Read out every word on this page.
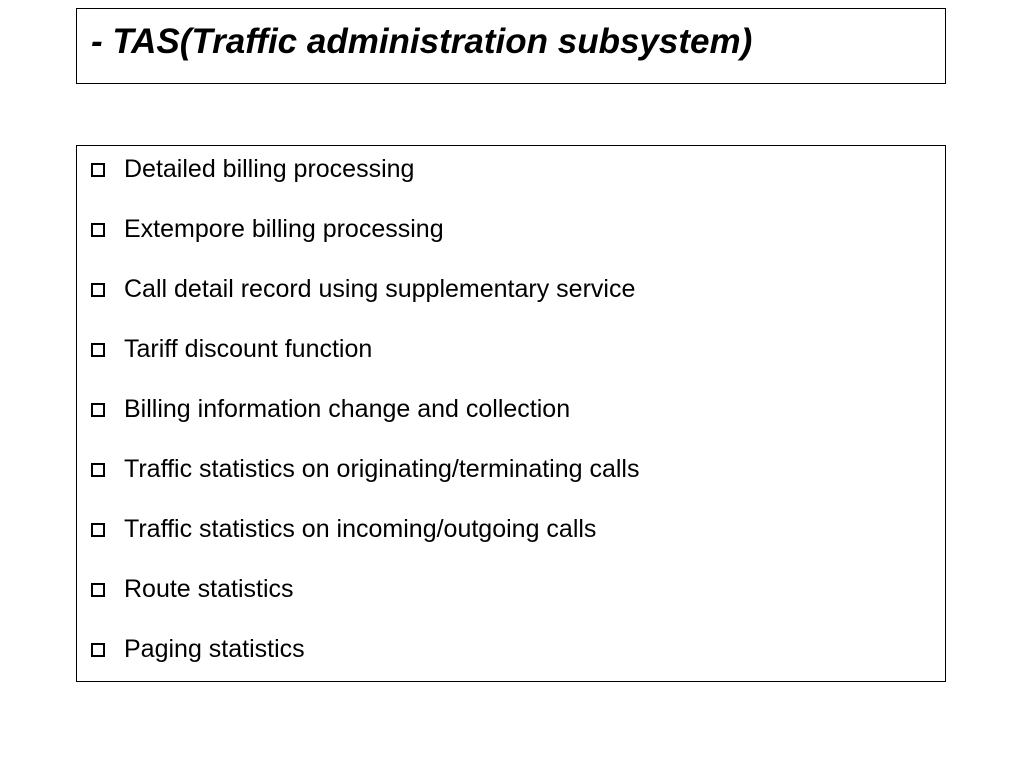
- TAS(Traffic administration subsystem)
Detailed billing processing
Extempore billing processing
Call detail record using supplementary service
Tariff discount function
Billing information change and collection
Traffic statistics on originating/terminating calls
Traffic statistics on incoming/outgoing calls
Route statistics
Paging statistics
